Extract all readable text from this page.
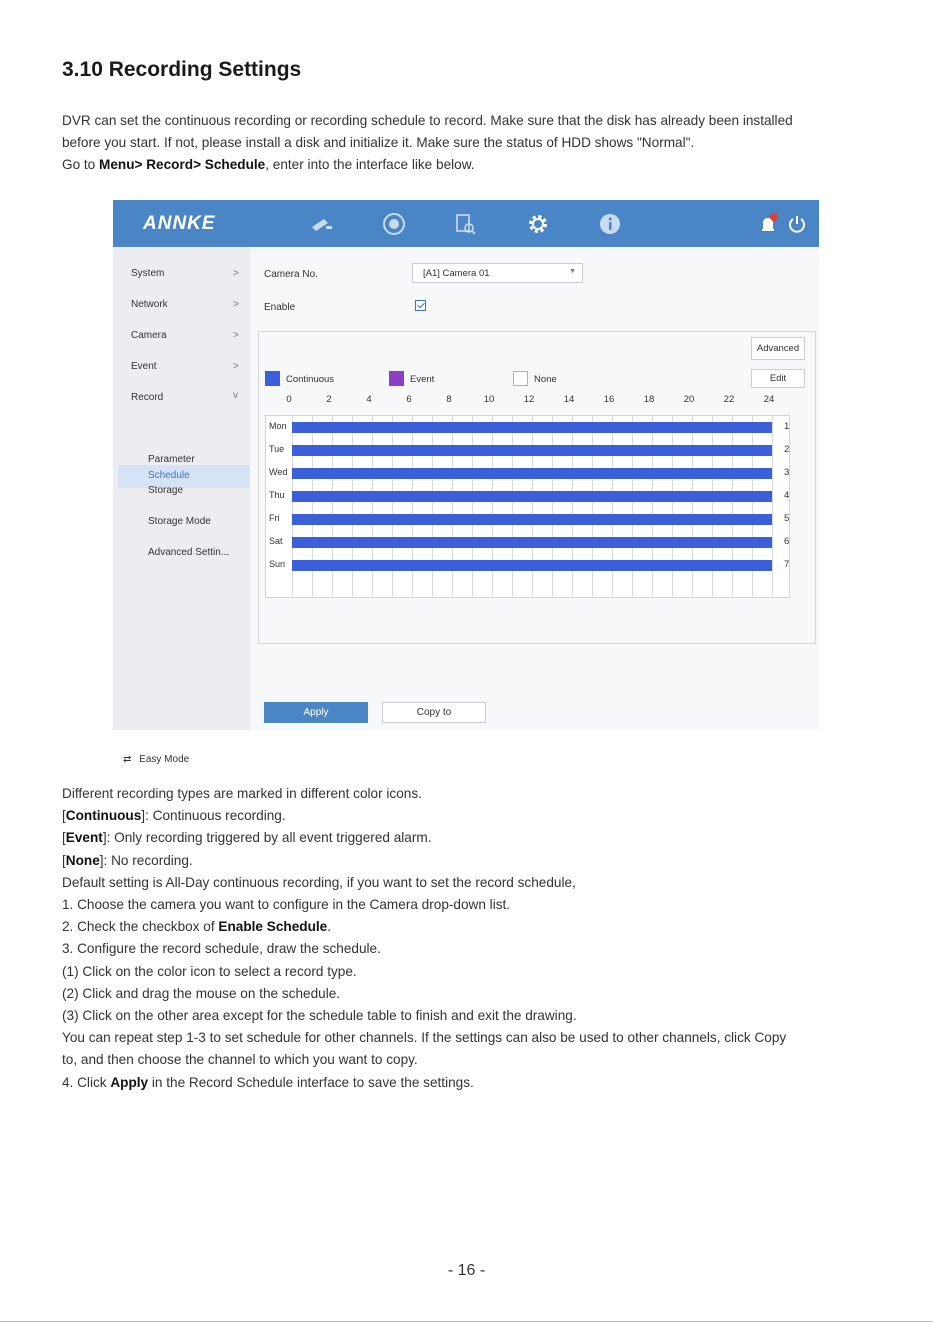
3.10 Recording Settings

DVR can set the continuous recording or recording schedule to record. Make sure that the disk has already been installed

before you start. If not, please install a disk and initialize it. Make sure the status of HDD shows "Normal".

Go to Menu> Record> Schedule, enter into the interface like below.

ANNKE
System	>
Network	>
Camera	>
Event	>
Record	v
Schedule
Parameter
Storage
Storage Mode
Advanced Settin...
⇄ Easy Mode
Camera No.	[A1] Camera 01	▼
Enable
Advanced
Edit
Continuous	Event	None
0	2	4	6	8	10	12	14	16	18	20	22	24
Mon	1
Tue	2
Wed	3
Thu	4
Fri	5
Sat	6
Sun	7
Apply	Copy to

Different recording types are marked in different color icons.

[Continuous]: Continuous recording.

[Event]: Only recording triggered by all event triggered alarm.

[None]: No recording.

Default setting is All-Day continuous recording, if you want to set the record schedule,

1. Choose the camera you want to configure in the Camera drop-down list.

2. Check the checkbox of Enable Schedule.

3. Configure the record schedule, draw the schedule.

(1) Click on the color icon to select a record type.

(2) Click and drag the mouse on the schedule.

(3) Click on the other area except for the schedule table to finish and exit the drawing.

You can repeat step 1-3 to set schedule for other channels. If the settings can also be used to other channels, click Copy

to, and then choose the channel to which you want to copy.

4. Click Apply in the Record Schedule interface to save the settings.

- 16 -
